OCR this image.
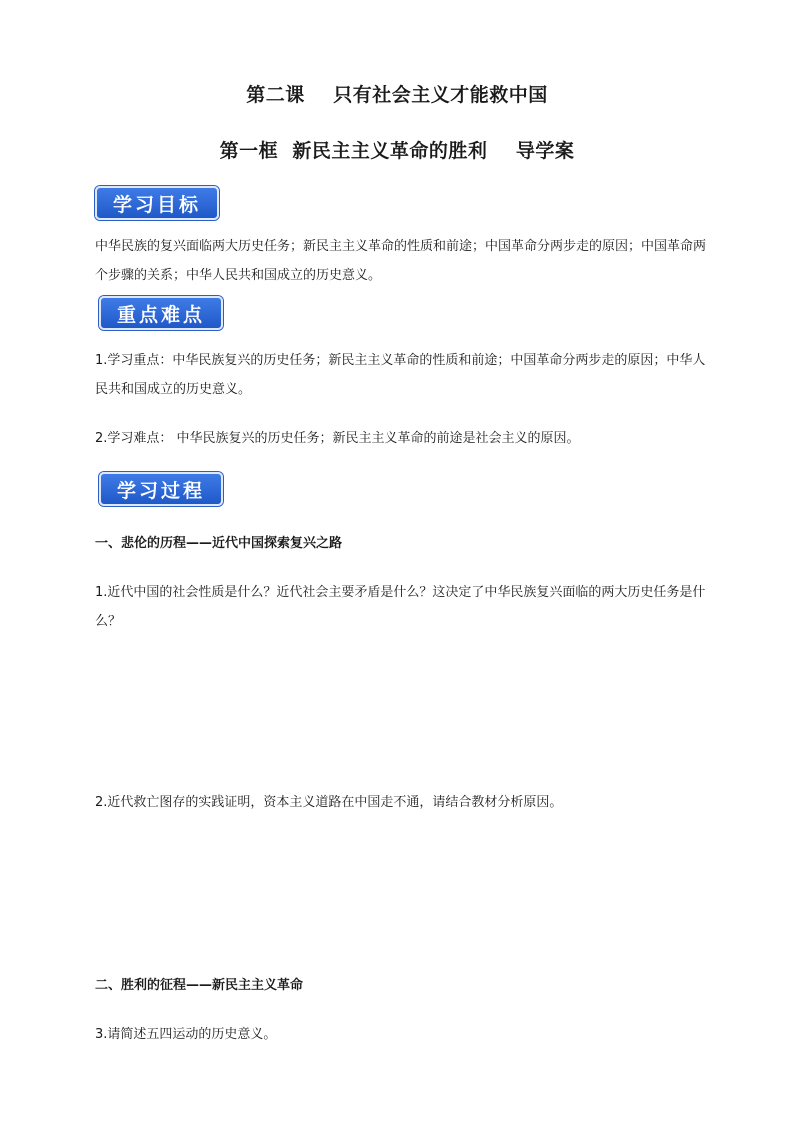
第二课    只有社会主义才能救中国
第一框  新民主主义革命的胜利    导学案
学习目标
中华民族的复兴面临两大历史任务；新民主主义革命的性质和前途；中国革命分两步走的原因；中国革命两个步骤的关系；中华人民共和国成立的历史意义。
重点难点
1.学习重点：中华民族复兴的历史任务；新民主主义革命的性质和前途；中国革命分两步走的原因；中华人民共和国成立的历史意义。
2.学习难点： 中华民族复兴的历史任务；新民主主义革命的前途是社会主义的原因。
学习过程
一、悲伦的历程——近代中国探索复兴之路
1.近代中国的社会性质是什么？近代社会主要矛盾是什么？这决定了中华民族复兴面临的两大历史任务是什么？
2.近代救亡图存的实践证明，资本主义道路在中国走不通，请结合教材分析原因。
二、胜利的征程——新民主主义革命
3.请简述五四运动的历史意义。
